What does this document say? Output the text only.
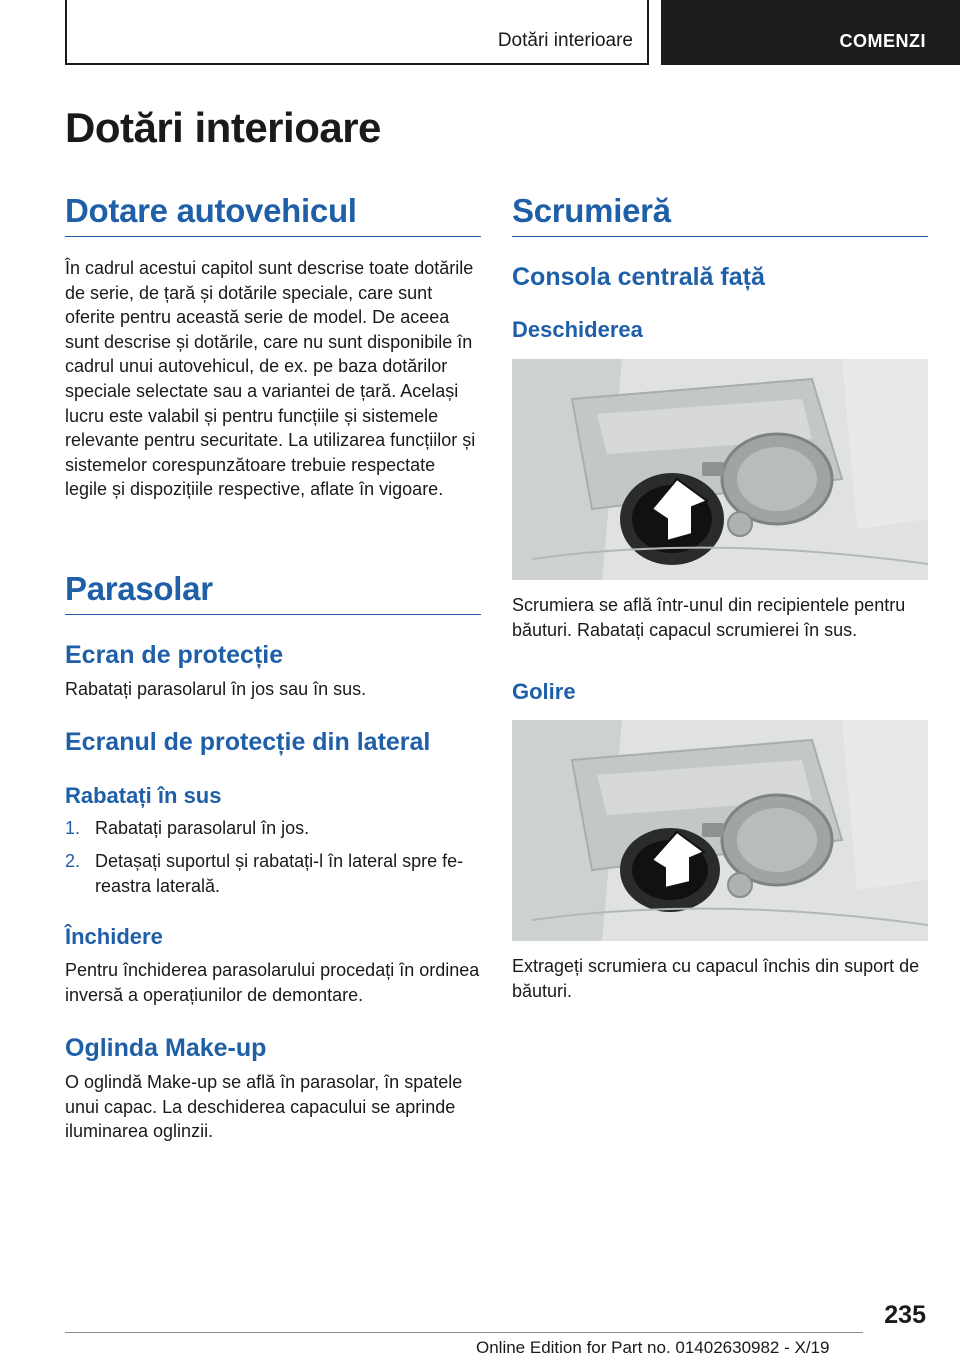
Dotări interioare	COMENZI
Dotări interioare
Dotare autovehicul

În cadrul acestui capitol sunt descrise toate dotările de serie, de țară și dotările speciale, care sunt oferite pentru această serie de model. De aceea sunt descrise și dotările, care nu sunt disponibile în cadrul unui autovehicul, de ex. pe baza dotărilor speciale selectate sau a variantei de țară. Același lucru este valabil și pentru funcțiile și sistemele relevante pentru securitate. La utilizarea funcțiilor și sistemelor corespunzătoare trebuie respectate legile și dispozițiile respective, aflate în vigoare.

Parasolar
Ecran de protecție

Rabatați parasolarul în jos sau în sus.

Ecranul de protecție din lateral
Rabatați în sus
1. Rabatați parasolarul în jos.
2. Detașați suportul și rabatați-l în lateral spre fereastra laterală.
Închidere

Pentru închiderea parasolarului procedați în ordinea inversă a operațiunilor de demontare.

Oglinda Make-up

O oglindă Make-up se află în parasolar, în spatele unui capac. La deschiderea capacului se aprinde iluminarea oglinzii.

Scrumieră
Consola centrală față
Deschiderea

Scrumiera se află într-unul din recipientele pentru băuturi. Rabatați capacul scrumierei în sus.

Golire

Extrageți scrumiera cu capacul închis din suport de băuturi.

235
Online Edition for Part no. 01402630982 - X/19
